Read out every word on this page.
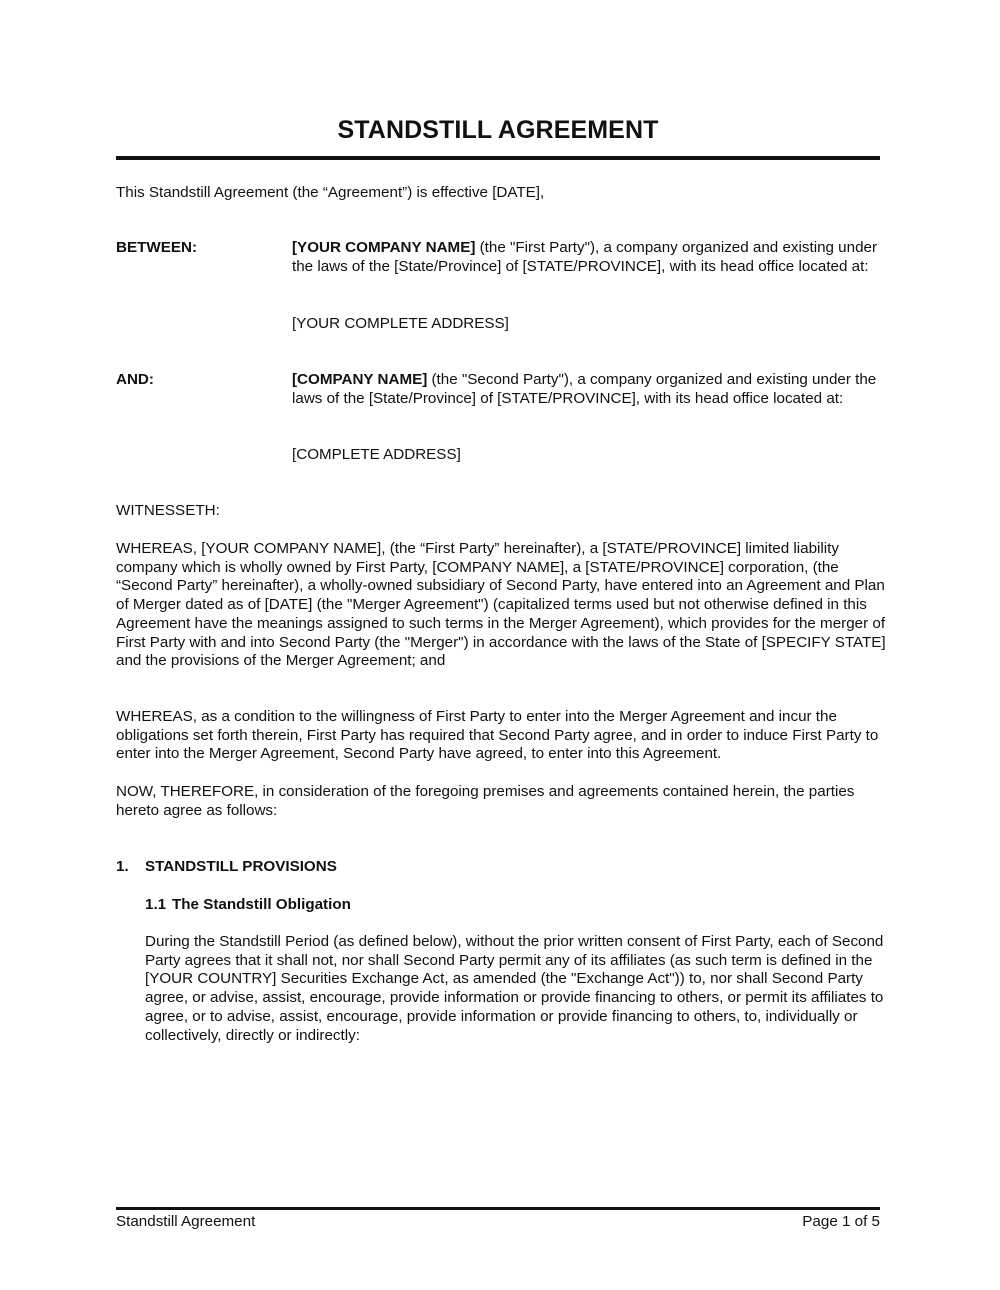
STANDSTILL AGREEMENT
This Standstill Agreement (the “Agreement”) is effective [DATE],
BETWEEN:	[YOUR COMPANY NAME] (the "First Party"), a company organized and existing under the laws of the [State/Province] of [STATE/PROVINCE], with its head office located at:
[YOUR COMPLETE ADDRESS]
AND:	[COMPANY NAME] (the "Second Party"), a company organized and existing under the laws of the [State/Province] of [STATE/PROVINCE], with its head office located at:
[COMPLETE ADDRESS]
WITNESSETH:
WHEREAS, [YOUR COMPANY NAME], (the “First Party” hereinafter), a [STATE/PROVINCE] limited liability company which is wholly owned by First Party, [COMPANY NAME], a [STATE/PROVINCE] corporation, (the “Second Party” hereinafter), a wholly-owned subsidiary of Second Party, have entered into an Agreement and Plan of Merger dated as of [DATE] (the "Merger Agreement") (capitalized terms used but not otherwise defined in this Agreement have the meanings assigned to such terms in the Merger Agreement), which provides for the merger of First Party with and into Second Party (the "Merger") in accordance with the laws of the State of [SPECIFY STATE] and the provisions of the Merger Agreement; and
WHEREAS, as a condition to the willingness of First Party to enter into the Merger Agreement and incur the obligations set forth therein, First Party has required that Second Party agree, and in order to induce First Party to enter into the Merger Agreement, Second Party have agreed, to enter into this Agreement.
NOW, THEREFORE, in consideration of the foregoing premises and agreements contained herein, the parties hereto agree as follows:
1. STANDSTILL PROVISIONS
1.1 The Standstill Obligation
During the Standstill Period (as defined below), without the prior written consent of First Party, each of Second Party agrees that it shall not, nor shall Second Party permit any of its affiliates (as such term is defined in the [YOUR COUNTRY] Securities Exchange Act, as amended (the "Exchange Act")) to, nor shall Second Party agree, or advise, assist, encourage, provide information or provide financing to others, or permit its affiliates to agree, or to advise, assist, encourage, provide information or provide financing to others, to, individually or collectively, directly or indirectly:
Standstill Agreement	Page 1 of 5
